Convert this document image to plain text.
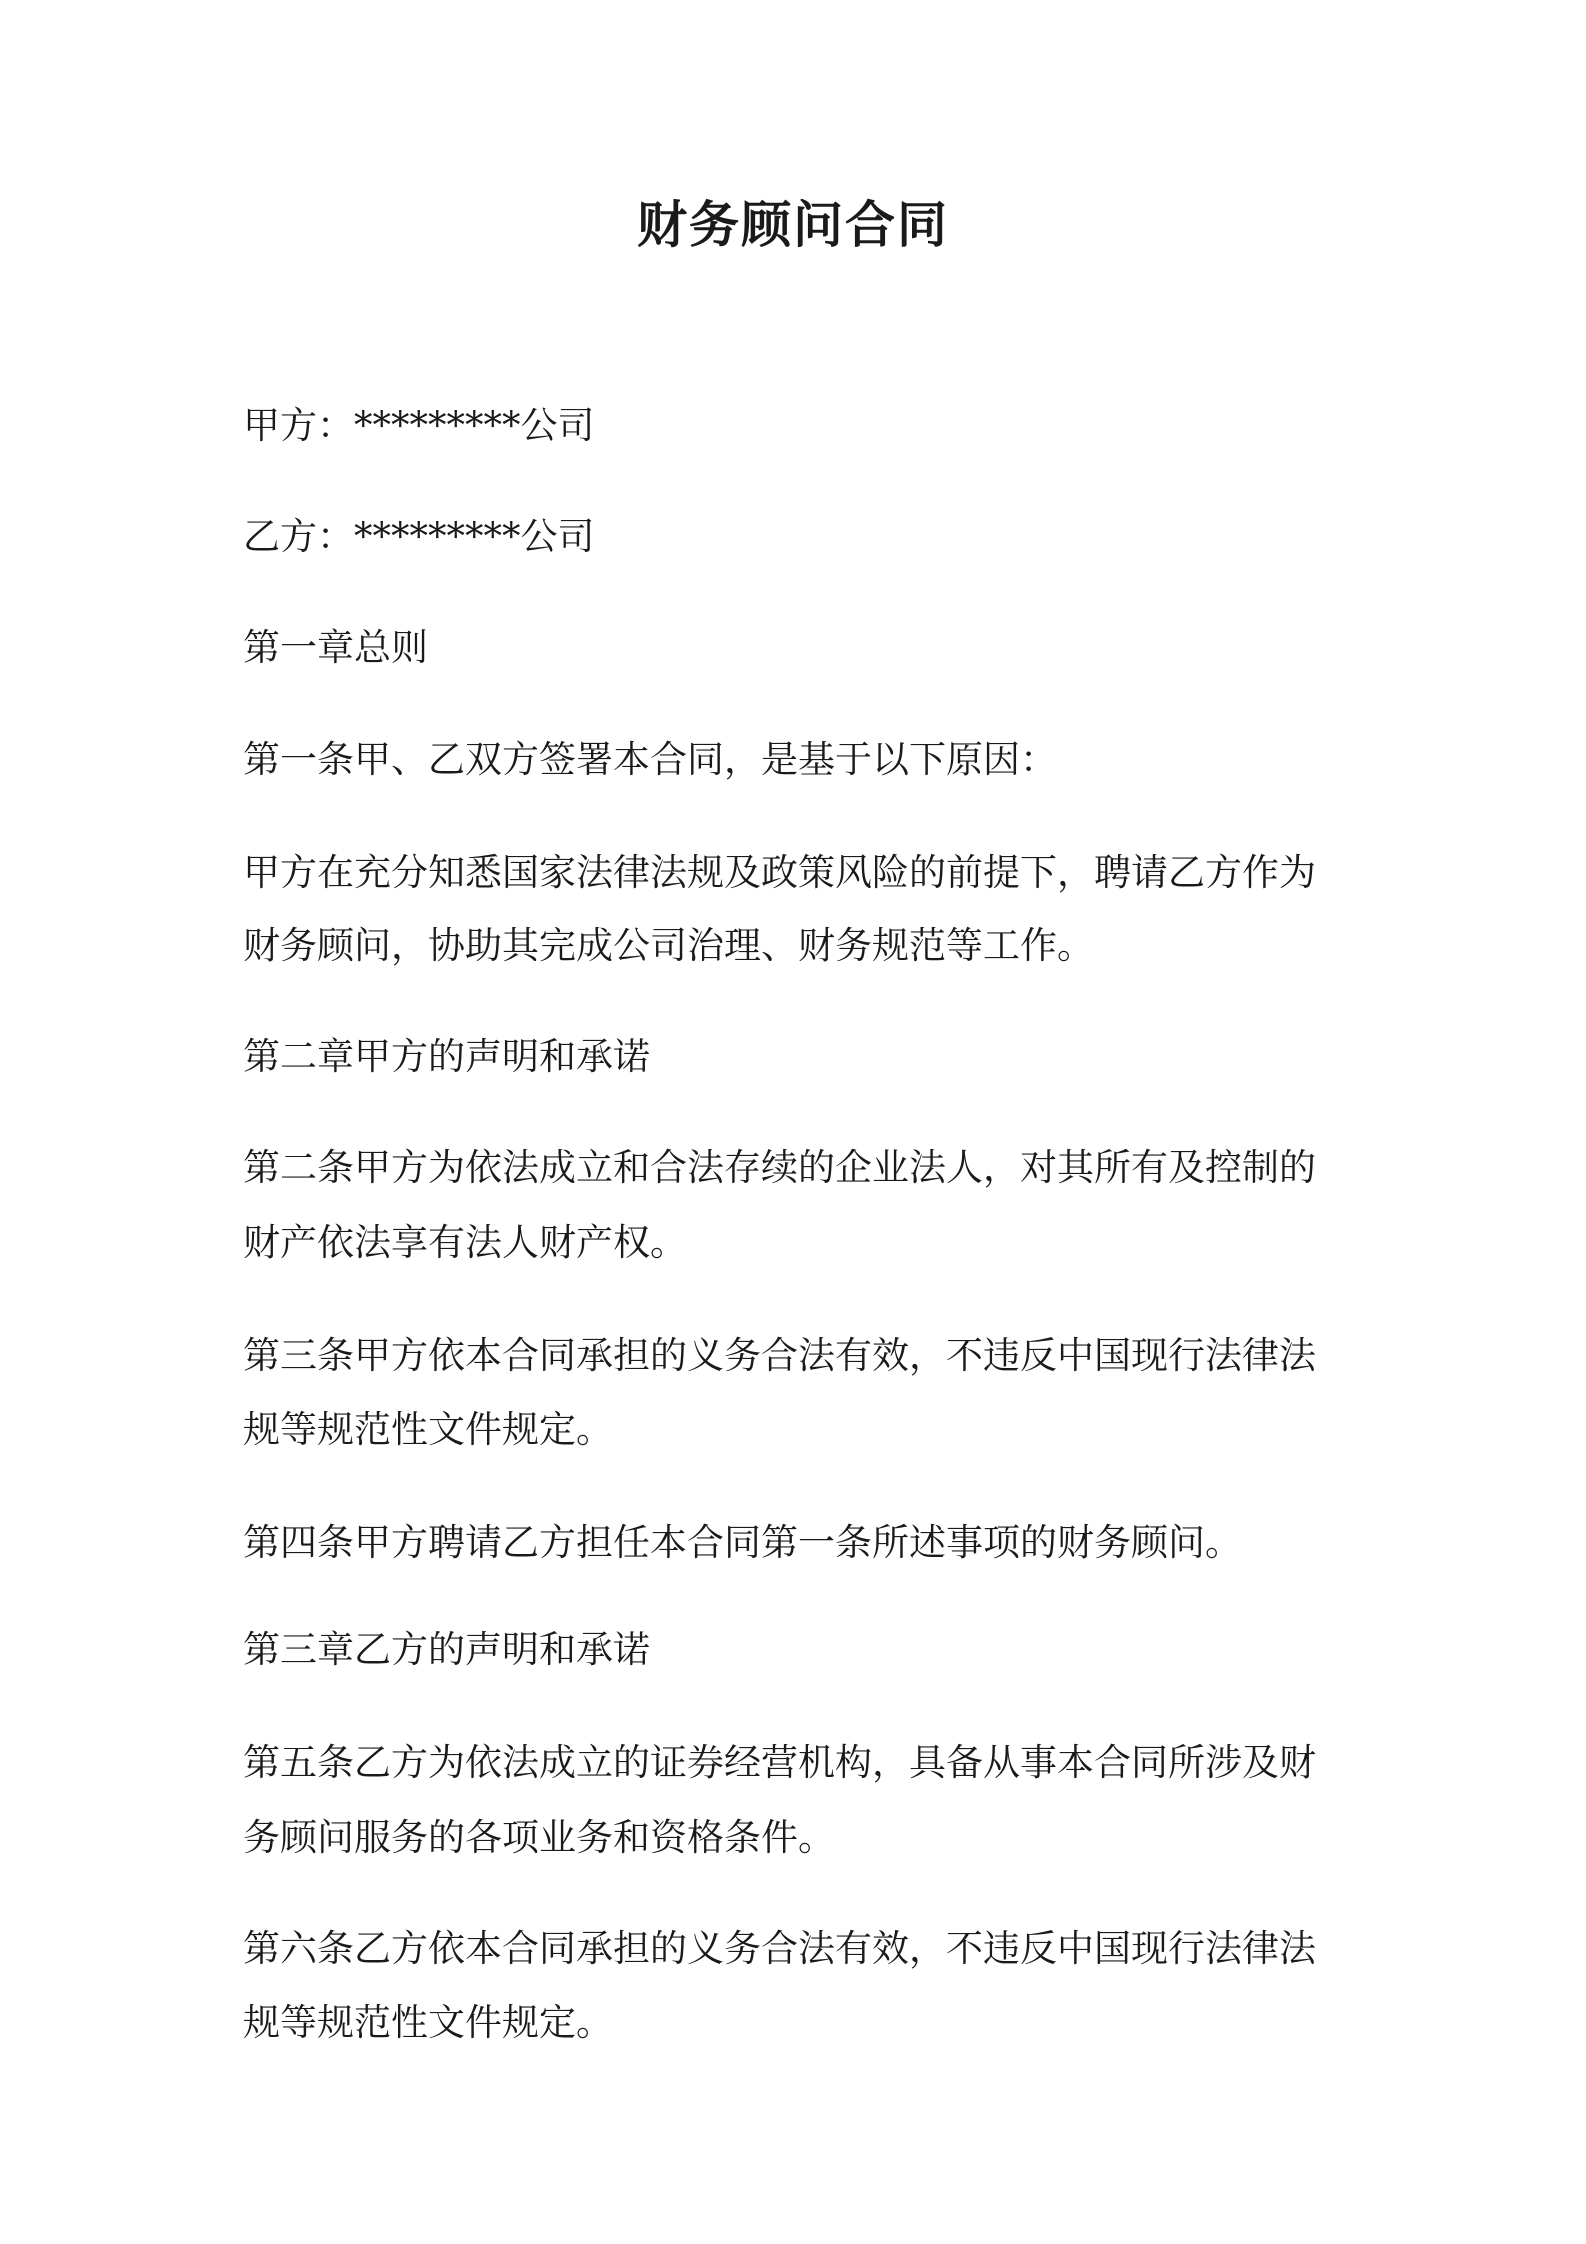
财务顾问合同

甲方：*********公司

乙方：*********公司

第一章总则

第一条甲、乙双方签署本合同，是基于以下原因：

甲方在充分知悉国家法律法规及政策风险的前提下，聘请乙方作为

财务顾问，协助其完成公司治理、财务规范等工作。

第二章甲方的声明和承诺

第二条甲方为依法成立和合法存续的企业法人，对其所有及控制的

财产依法享有法人财产权。

第三条甲方依本合同承担的义务合法有效，不违反中国现行法律法

规等规范性文件规定。

第四条甲方聘请乙方担任本合同第一条所述事项的财务顾问。

第三章乙方的声明和承诺

第五条乙方为依法成立的证券经营机构，具备从事本合同所涉及财

务顾问服务的各项业务和资格条件。

第六条乙方依本合同承担的义务合法有效，不违反中国现行法律法

规等规范性文件规定。
